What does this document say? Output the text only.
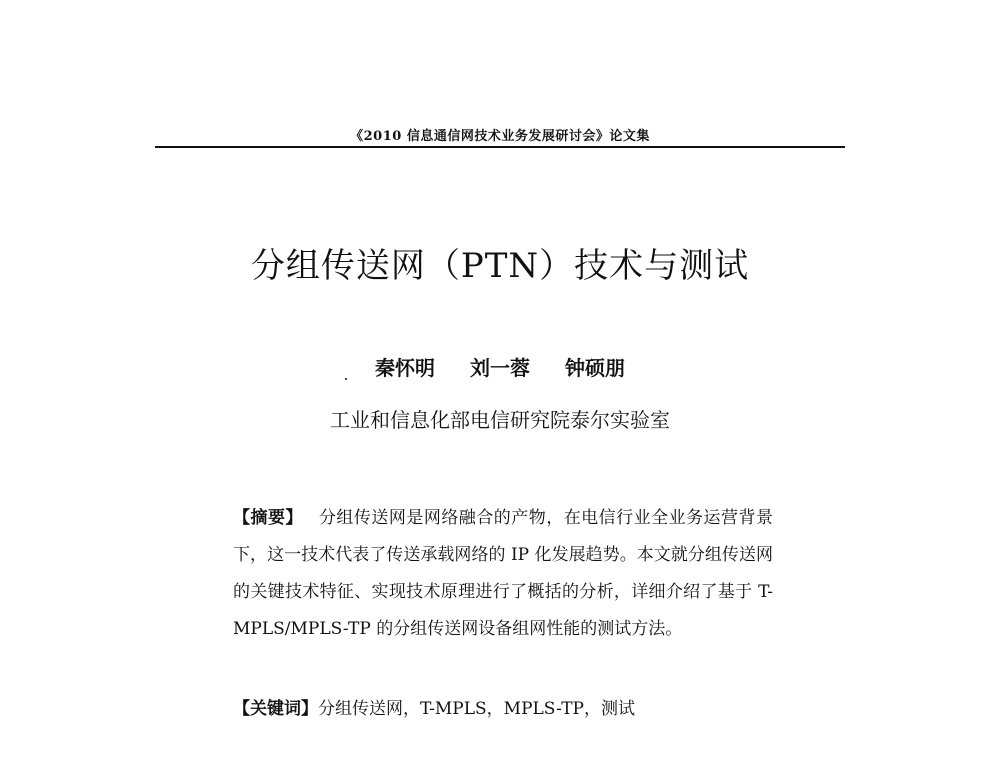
《2010 信息通信网技术业务发展研讨会》论文集
分组传送网（PTN）技术与测试
秦怀明 刘一蓉 钟硕朋
工业和信息化部电信研究院泰尔实验室
【摘要】 分组传送网是网络融合的产物，在电信行业全业务运营背景下，这一技术代表了传送承载网络的 IP 化发展趋势。本文就分组传送网的关键技术特征、实现技术原理进行了概括的分析，详细介绍了基于 T-MPLS/MPLS-TP 的分组传送网设备组网性能的测试方法。
【关键词】分组传送网，T-MPLS，MPLS-TP，测试
